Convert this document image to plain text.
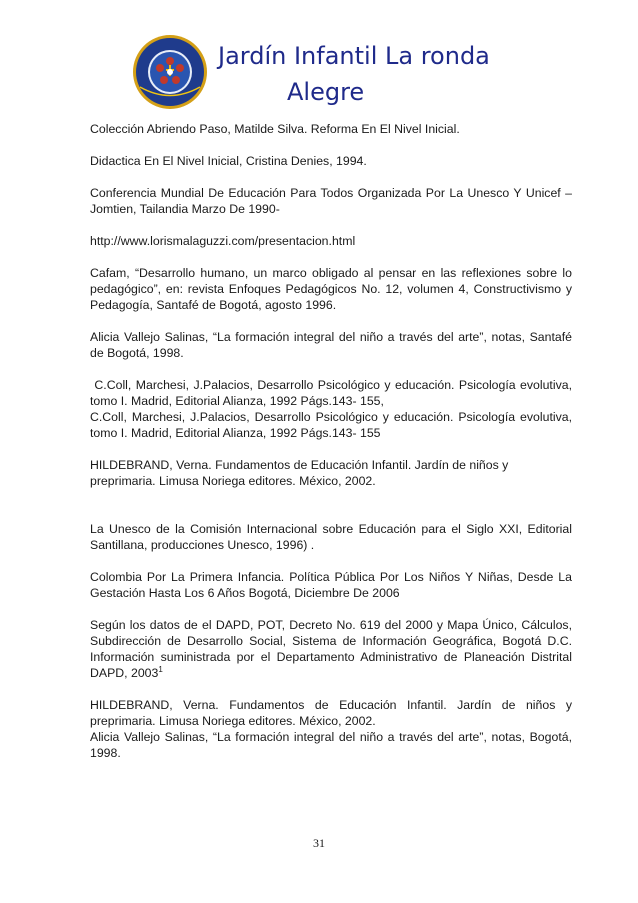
Jardín Infantil La ronda
Alegre

Colección Abriendo Paso, Matilde Silva. Reforma En El Nivel Inicial.

Didactica En El Nivel Inicial, Cristina Denies, 1994.

Conferencia Mundial De Educación Para Todos Organizada Por La Unesco Y Unicef –Jomtien, Tailandia Marzo De 1990-

http://www.lorismalaguzzi.com/presentacion.html

Cafam, “Desarrollo humano, un marco obligado al pensar en las reflexiones sobre lo pedagógico”, en: revista Enfoques Pedagógicos No. 12, volumen 4, Constructivismo y Pedagogía, Santafé de Bogotá, agosto 1996.

Alicia Vallejo Salinas, “La formación integral del niño a través del arte”, notas, Santafé de Bogotá, 1998.

C.Coll, Marchesi, J.Palacios, Desarrollo Psicológico y educación. Psicología evolutiva, tomo I. Madrid, Editorial Alianza, 1992 Págs.143- 155,

C.Coll, Marchesi, J.Palacios, Desarrollo Psicológico y educación. Psicología evolutiva, tomo I. Madrid, Editorial Alianza, 1992 Págs.143- 155

HILDEBRAND, Verna. Fundamentos de Educación Infantil. Jardín de niños y preprimaria. Limusa Noriega editores. México, 2002.

La Unesco de la Comisión Internacional sobre Educación para el Siglo XXI, Editorial Santillana, producciones Unesco, 1996) .

Colombia Por La Primera Infancia. Política Pública Por Los Niños Y Niñas, Desde La Gestación Hasta Los 6 Años Bogotá, Diciembre De 2006

Según los datos de el DAPD, POT, Decreto No. 619 del 2000 y Mapa Único, Cálculos, Subdirección de Desarrollo Social, Sistema de Información Geográfica, Bogotá D.C. Información suministrada por el Departamento Administrativo de Planeación Distrital DAPD, 2003$^1$

HILDEBRAND, Verna. Fundamentos de Educación Infantil. Jardín de niños y preprimaria. Limusa Noriega editores. México, 2002.

Alicia Vallejo Salinas, “La formación integral del niño a través del arte”, notas, Bogotá, 1998.

31
